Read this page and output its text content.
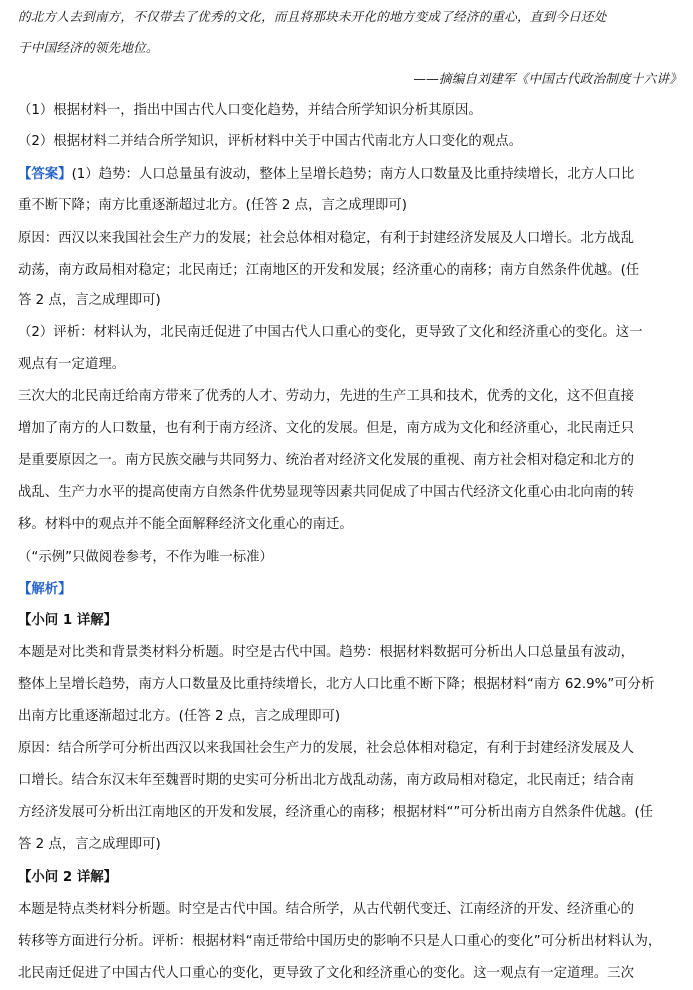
的北方人去到南方，不仅带去了优秀的文化，而且将那块未开化的地方变成了经济的重心，直到今日还处
于中国经济的领先地位。
——摘编自刘建军《中国古代政治制度十六讲》
（1）根据材料一，指出中国古代人口变化趋势，并结合所学知识分析其原因。
（2）根据材料二并结合所学知识，评析材料中关于中国古代南北方人口变化的观点。
【答案】(1）趋势：人口总量虽有波动，整体上呈增长趋势；南方人口数量及比重持续增长，北方人口比
重不断下降；南方比重逐渐超过北方。(任答 2 点，言之成理即可)
原因：西汉以来我国社会生产力的发展；社会总体相对稳定，有利于封建经济发展及人口增长。北方战乱
动荡，南方政局相对稳定；北民南迁；江南地区的开发和发展；经济重心的南移；南方自然条件优越。(任
答 2 点，言之成理即可)
（2）评析：材料认为，北民南迁促进了中国古代人口重心的变化，更导致了文化和经济重心的变化。这一
观点有一定道理。
三次大的北民南迁给南方带来了优秀的人才、劳动力，先进的生产工具和技术，优秀的文化，这不但直接
增加了南方的人口数量，也有利于南方经济、文化的发展。但是，南方成为文化和经济重心，北民南迁只
是重要原因之一。南方民族交融与共同努力、统治者对经济文化发展的重视、南方社会相对稳定和北方的
战乱、生产力水平的提高使南方自然条件优势显现等因素共同促成了中国古代经济文化重心由北向南的转
移。材料中的观点并不能全面解释经济文化重心的南迁。
（“示例”只做阅卷参考，不作为唯一标准）
【解析】
【小问 1 详解】
本题是对比类和背景类材料分析题。时空是古代中国。趋势：根据材料数据可分析出人口总量虽有波动，
整体上呈增长趋势，南方人口数量及比重持续增长，北方人口比重不断下降；根据材料“南方 62.9%”可分析
出南方比重逐渐超过北方。(任答 2 点，言之成理即可)
原因：结合所学可分析出西汉以来我国社会生产力的发展，社会总体相对稳定，有利于封建经济发展及人
口增长。结合东汉末年至魏晋时期的史实可分析出北方战乱动荡，南方政局相对稳定，北民南迁；结合南
方经济发展可分析出江南地区的开发和发展，经济重心的南移；根据材料“”可分析出南方自然条件优越。(任
答 2 点，言之成理即可)
【小问 2 详解】
本题是特点类材料分析题。时空是古代中国。结合所学，从古代朝代变迁、江南经济的开发、经济重心的
转移等方面进行分析。评析：根据材料“南迁带给中国历史的影响不只是人口重心的变化”可分析出材料认为，
北民南迁促进了中国古代人口重心的变化，更导致了文化和经济重心的变化。这一观点有一定道理。三次
